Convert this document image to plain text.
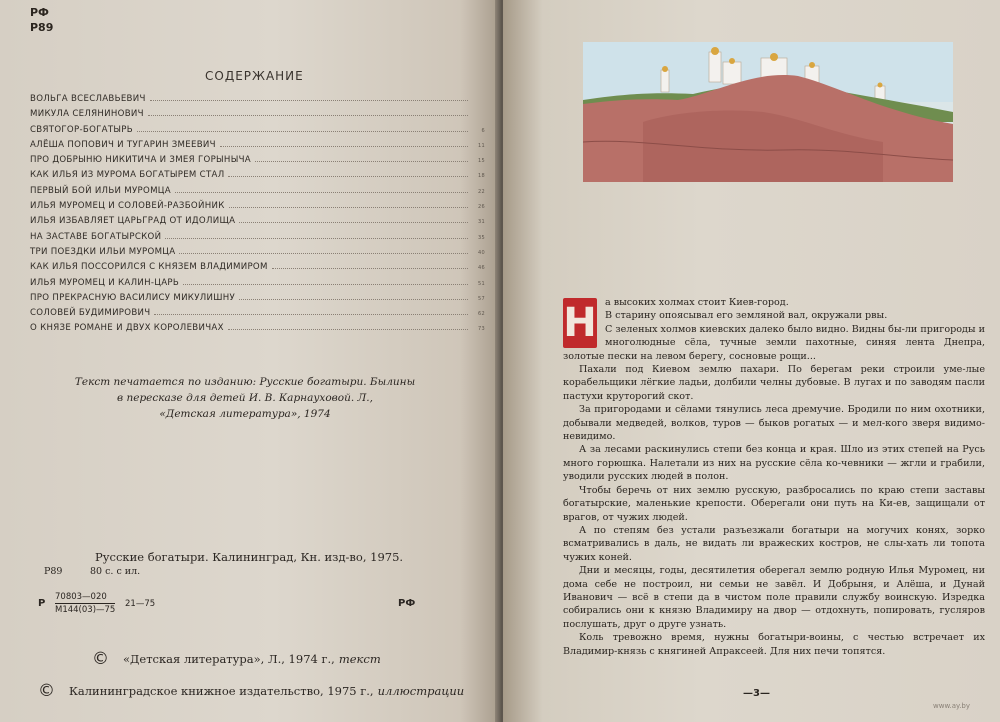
РФ
Р89
СОДЕРЖАНИЕ
ВОЛЬГА ВСЕСЛАВЬЕВИЧ
МИКУЛА СЕЛЯНИНОВИЧ
СВЯТОГОР-БОГАТЫРЬ	6
АЛЁША ПОПОВИЧ И ТУГАРИН ЗМЕЕВИЧ	11
ПРО ДОБРЫНЮ НИКИТИЧА И ЗМЕЯ ГОРЫНЫЧА	15
КАК ИЛЬЯ ИЗ МУРОМА БОГАТЫРЕМ СТАЛ	18
ПЕРВЫЙ БОЙ ИЛЬИ МУРОМЦА	22
ИЛЬЯ МУРОМЕЦ И СОЛОВЕЙ-РАЗБОЙНИК	26
ИЛЬЯ ИЗБАВЛЯЕТ ЦАРЬГРАД ОТ ИДОЛИЩА	31
НА ЗАСТАВЕ БОГАТЫРСКОЙ	35
ТРИ ПОЕЗДКИ ИЛЬИ МУРОМЦА	40
КАК ИЛЬЯ ПОССОРИЛСЯ С КНЯЗЕМ ВЛАДИМИРОМ	46
ИЛЬЯ МУРОМЕЦ И КАЛИН-ЦАРЬ	51
ПРО ПРЕКРАСНУЮ ВАСИЛИСУ МИКУЛИШНУ	57
СОЛОВЕЙ БУДИМИРОВИЧ	62
О КНЯЗЕ РОМАНЕ И ДВУХ КОРОЛЕВИЧАХ	73
Текст печатается по изданию: Русские богатыри. Былины
в пересказе для детей И. В. Карнауховой. Л.,
«Детская литература», 1974
Русские богатыри. Калининград, Кн. изд-во, 1975.
Р89	80 с. с ил.
Р
70803—020
М144(03)—75
21—75	РФ
© «Детская литература», Л., 1974 г., текст
© Калининградское книжное издательство, 1975 г., иллюстрации
Н а высоких холмах стоит Киев-город.

В старину опоясывал его земляной вал, окружали рвы.

С зеленых холмов киевских далеко было видно. Видны бы-ли пригороды и многолюдные сёла, тучные земли пахотные, синяя лента Днепра, золотые пески на левом берегу, сосновые рощи...

Пахали под Киевом землю пахари. По берегам реки строили уме-лые корабельщики лёгкие ладьи, долбили челны дубовые. В лугах и по заводям пасли пастухи круторогий скот.

За пригородами и сёлами тянулись леса дремучие. Бродили по ним охотники, добывали медведей, волков, туров — быков рогатых — и мел-кого зверя видимо-невидимо.

А за лесами раскинулись степи без конца и края. Шло из этих степей на Русь много горюшка. Налетали из них на русские сёла ко-чевники — жгли и грабили, уводили русских людей в полон.

Чтобы беречь от них землю русскую, разбросались по краю степи заставы богатырские, маленькие крепости. Оберегали они путь на Ки-ев, защищали от врагов, от чужих людей.

А по степям без устали разъезжали богатыри на могучих конях, зорко всматривались в даль, не видать ли вражеских костров, не слы-хать ли топота чужих коней.

Дни и месяцы, годы, десятилетия оберегал землю родную Илья Муромец, ни дома себе не построил, ни семьи не завёл. И Добрыня, и Алёша, и Дунай Иванович — всё в степи да в чистом поле правили службу воинскую. Изредка собирались они к князю Владимиру на двор — отдохнуть, попировать, гусляров послушать, друг о друге узнать.

Коль тревожно время, нужны богатыри-воины, с честью встречает их Владимир-князь с княгиней Апраксеей. Для них печи топятся.

—3—
www.ay.by
